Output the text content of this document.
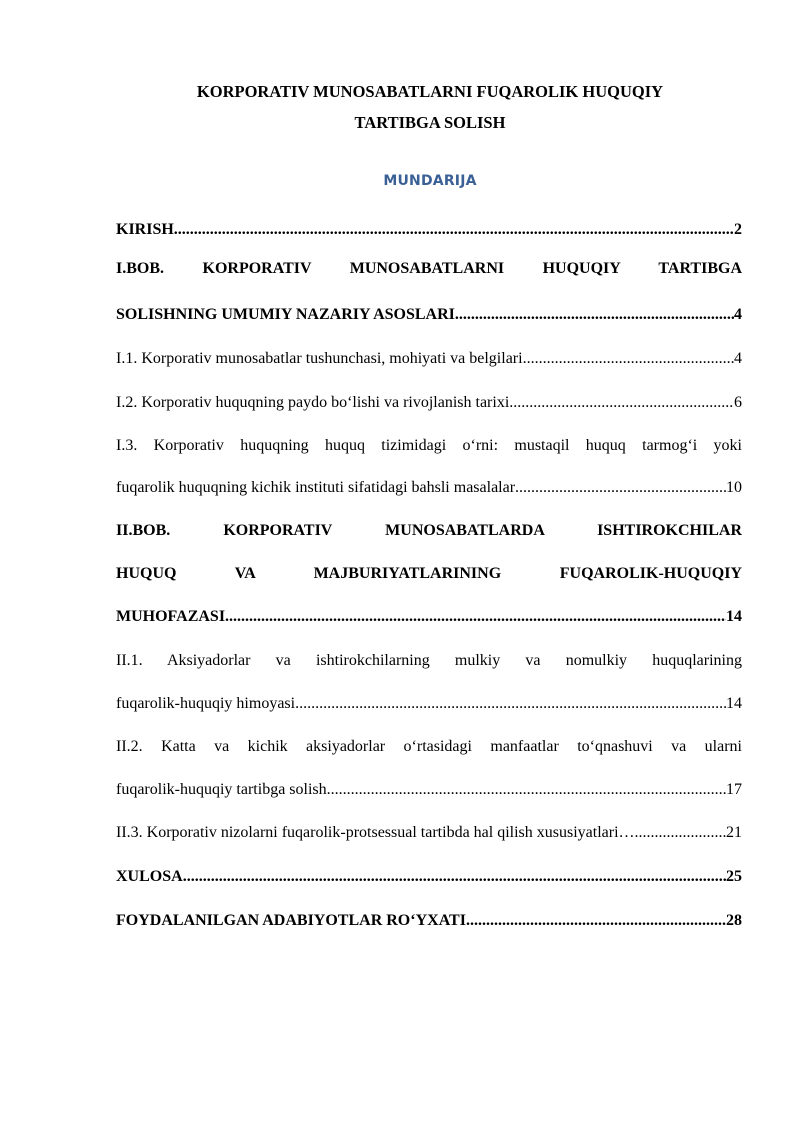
KORPORATIV MUNOSABATLARNI FUQAROLIK HUQUQIY
TARTIBGA SOLISH
MUNDARIJA
KIRISH .....	2
I.BOB. KORPORATIV MUNOSABATLARNI HUQUQIY TARTIBGA
SOLISHNING UMUMIY NAZARIY ASOSLARI .....	4
I.1. Korporativ munosabatlar tushunchasi, mohiyati va belgilari .....	4
I.2. Korporativ huquqning paydo bo‘lishi va rivojlanish tarixi .....	6
I.3. Korporativ huquqning huquq tizimidagi o‘rni: mustaqil huquq tarmog‘i yoki
fuqarolik huquqning kichik instituti sifatidagi bahsli masalalar .....	10
II.BOB. KORPORATIV MUNOSABATLARDA ISHTIROKCHILAR
HUQUQ VA MAJBURIYATLARINING FUQAROLIK-HUQUQIY
MUHOFAZASI .....	14
II.1. Aksiyadorlar va ishtirokchilarning mulkiy va nomulkiy huquqlarining
fuqarolik-huquqiy himoyasi .....	14
II.2. Katta va kichik aksiyadorlar o‘rtasidagi manfaatlar to‘qnashuvi va ularni
fuqarolik-huquqiy tartibga solish .....	17
II.3. Korporativ nizolarni fuqarolik-protsessual tartibda hal qilish xususiyatlari… .....	21
XULOSA .....	25
FOYDALANILGAN ADABIYOTLAR RO‘YXATI .....	28
